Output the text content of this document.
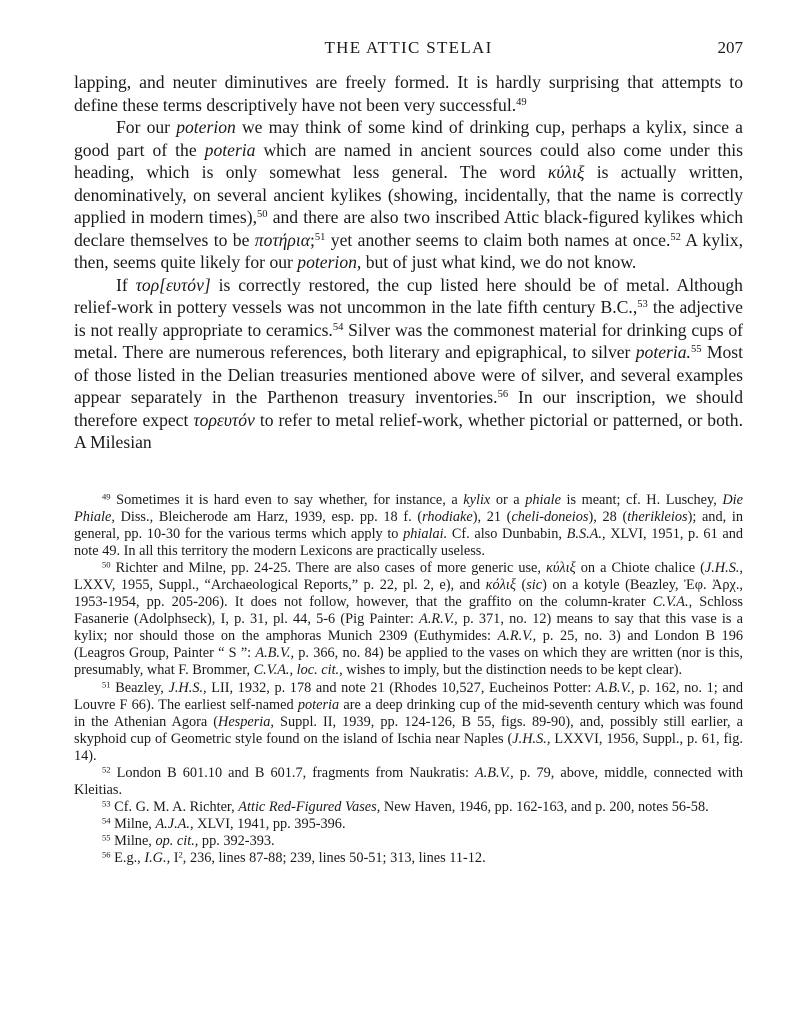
THE ATTIC STELAI	207

lapping, and neuter diminutives are freely formed. It is hardly surprising that attempts to define these terms descriptively have not been very successful.$^{49}$

For our poterion we may think of some kind of drinking cup, perhaps a kylix, since a good part of the poteria which are named in ancient sources could also come under this heading, which is only somewhat less general. The word κύλιξ is actually written, denominatively, on several ancient kylikes (showing, incidentally, that the name is correctly applied in modern times),$^{50}$ and there are also two inscribed Attic black-figured kylikes which declare themselves to be ποτήρια;$^{51}$ yet another seems to claim both names at once.$^{52}$ A kylix, then, seems quite likely for our poterion, but of just what kind, we do not know.

If τορ[ευτόν] is correctly restored, the cup listed here should be of metal. Although relief-work in pottery vessels was not uncommon in the late fifth century B.C.,$^{53}$ the adjective is not really appropriate to ceramics.$^{54}$ Silver was the commonest material for drinking cups of metal. There are numerous references, both literary and epigraphical, to silver poteria.$^{55}$ Most of those listed in the Delian treasuries mentioned above were of silver, and several examples appear separately in the Parthenon treasury inventories.$^{56}$ In our inscription, we should therefore expect τορευτόν to refer to metal relief-work, whether pictorial or patterned, or both. A Milesian

$^{49}$ Sometimes it is hard even to say whether, for instance, a kylix or a phiale is meant; cf. H. Luschey, Die Phiale, Diss., Bleicherode am Harz, 1939, esp. pp. 18 f. (rhodiake), 21 (cheli-doneios), 28 (therikleios); and, in general, pp. 10-30 for the various terms which apply to phialai. Cf. also Dunbabin, B.S.A., XLVI, 1951, p. 61 and note 49. In all this territory the modern Lexicons are practically useless.

$^{50}$ Richter and Milne, pp. 24-25. There are also cases of more generic use, κύλιξ on a Chiote chalice (J.H.S., LXXV, 1955, Suppl., “Archaeological Reports,” p. 22, pl. 2, e), and κόλιξ (sic) on a kotyle (Beazley, Ἐφ. Ἀρχ., 1953-1954, pp. 205-206). It does not follow, however, that the graffito on the column-krater C.V.A., Schloss Fasanerie (Adolphseck), I, p. 31, pl. 44, 5-6 (Pig Painter: A.R.V., p. 371, no. 12) means to say that this vase is a kylix; nor should those on the amphoras Munich 2309 (Euthymides: A.R.V., p. 25, no. 3) and London B 196 (Leagros Group, Painter “ S ”: A.B.V., p. 366, no. 84) be applied to the vases on which they are written (nor is this, presumably, what F. Brommer, C.V.A., loc. cit., wishes to imply, but the distinction needs to be kept clear).

$^{51}$ Beazley, J.H.S., LII, 1932, p. 178 and note 21 (Rhodes 10,527, Eucheinos Potter: A.B.V., p. 162, no. 1; and Louvre F 66). The earliest self-named poteria are a deep drinking cup of the mid-seventh century which was found in the Athenian Agora (Hesperia, Suppl. II, 1939, pp. 124-126, B 55, figs. 89-90), and, possibly still earlier, a skyphoid cup of Geometric style found on the island of Ischia near Naples (J.H.S., LXXVI, 1956, Suppl., p. 61, fig. 14).

$^{52}$ London B 601.10 and B 601.7, fragments from Naukratis: A.B.V., p. 79, above, middle, connected with Kleitias.

$^{53}$ Cf. G. M. A. Richter, Attic Red-Figured Vases, New Haven, 1946, pp. 162-163, and p. 200, notes 56-58.

$^{54}$ Milne, A.J.A., XLVI, 1941, pp. 395-396.

$^{55}$ Milne, op. cit., pp. 392-393.

$^{56}$ E.g., I.G., $I^2$, 236, lines 87-88; 239, lines 50-51; 313, lines 11-12.
